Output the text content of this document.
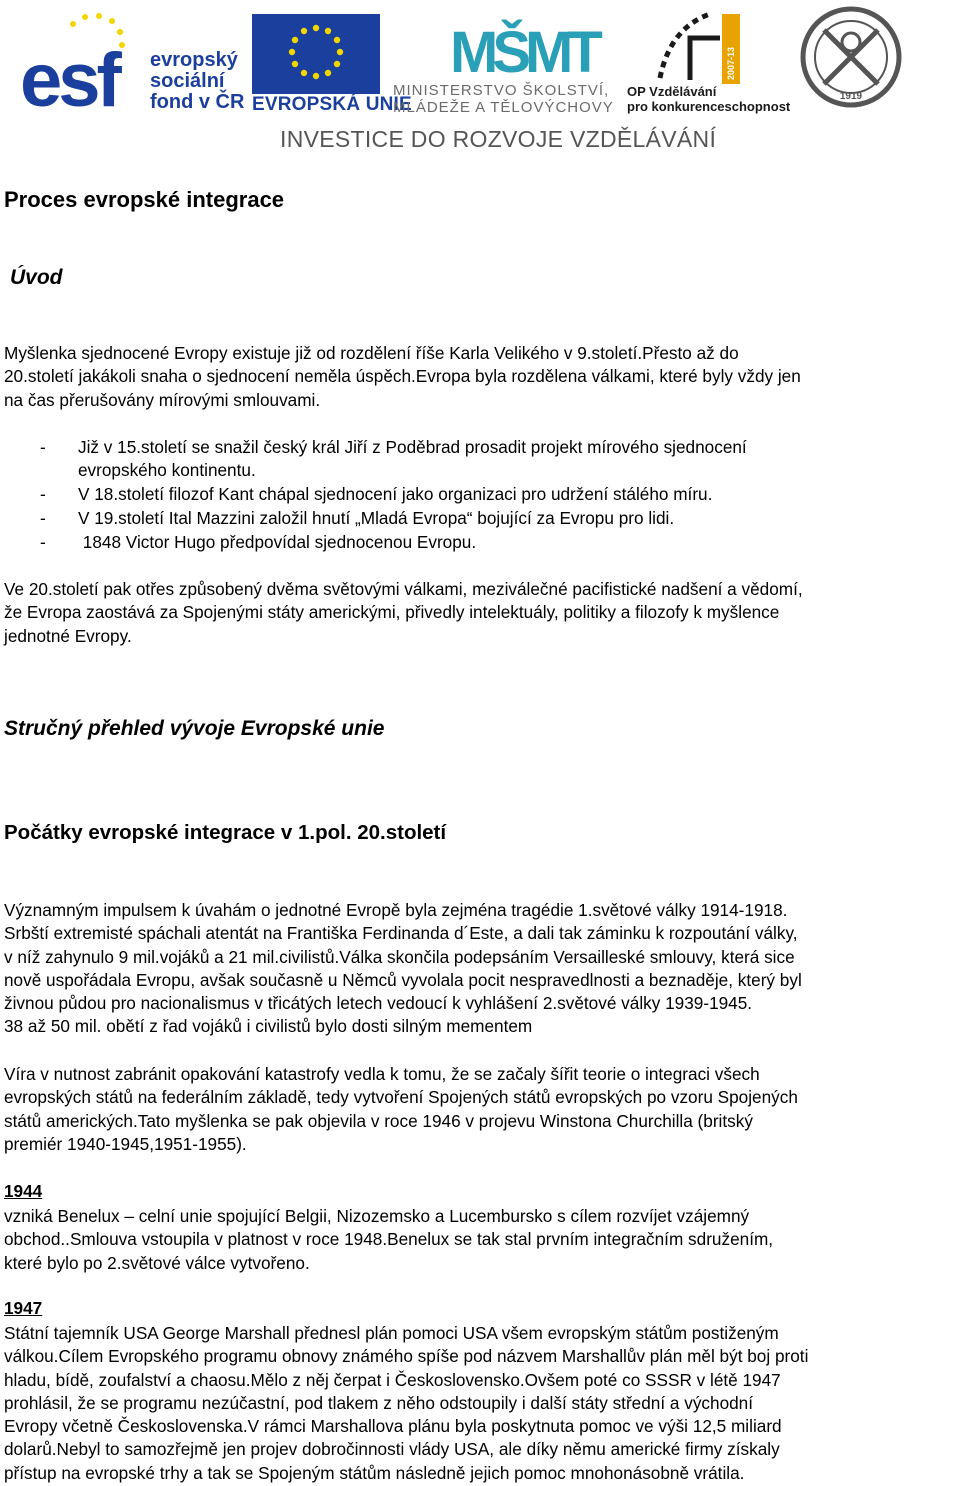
esf evropský
sociální
fond v ČR EVROPSKÁ UNIE
MŠMT
MINISTERSTVO ŠKOLSTVÍ,
MLÁDEŽE A TĚLOVÝCHOVY
2007-13
OP Vzdělávání
pro konkurenceschopnost
1919
INVESTICE DO ROZVOJE VZDĚLÁVÁNÍ
Proces evropské integrace
Úvod

Myšlenka sjednocené Evropy existuje již od rozdělení říše Karla Velikého v 9.století.Přesto až do

20.století jakákoli snaha o sjednocení neměla úspěch.Evropa byla rozdělena válkami, které byly vždy jen

na čas přerušovány mírovými smlouvami.

- Již v 15.století se snažil český král Jiří z Poděbrad prosadit projekt mírového sjednocení
evropského kontinentu.
- V 18.století filozof Kant chápal sjednocení jako organizaci pro udržení stálého míru.
- V 19.století Ital Mazzini založil hnutí „Mladá Evropa“ bojující za Evropu pro lidi.
- 1848 Victor Hugo předpovídal sjednocenou Evropu.

Ve 20.století pak otřes způsobený dvěma světovými válkami, meziválečné pacifistické nadšení a vědomí,

že Evropa zaostává za Spojenými státy americkými, přivedly intelektuály, politiky a filozofy k myšlence

jednotné Evropy.

Stručný přehled vývoje Evropské unie
Počátky evropské integrace v 1.pol. 20.století

Významným impulsem k úvahám o jednotné Evropě byla zejména tragédie 1.světové války 1914-1918.

Srbští extremisté spáchali atentát na Františka Ferdinanda d´Este, a dali tak záminku k rozpoutání války,

v níž zahynulo 9 mil.vojáků a 21 mil.civilistů.Válka skončila podepsáním Versailleské smlouvy, která sice

nově uspořádala Evropu, avšak současně u Němců vyvolala pocit nespravedlnosti a beznaděje, který byl

živnou půdou pro nacionalismus v třicátých letech vedoucí k vyhlášení 2.světové války 1939-1945.

38 až 50 mil. obětí z řad vojáků i civilistů bylo dosti silným mementem

Víra v nutnost zabránit opakování katastrofy vedla k tomu, že se začaly šířit teorie o integraci všech

evropských států na federálním základě, tedy vytvoření Spojených států evropských po vzoru Spojených

států amerických.Tato myšlenka se pak objevila v roce 1946 v projevu Winstona Churchilla (britský

premiér 1940-1945,1951-1955).

1944

vzniká Benelux – celní unie spojující Belgii, Nizozemsko a Lucembursko s cílem rozvíjet vzájemný

obchod..Smlouva vstoupila v platnost v roce 1948.Benelux se tak stal prvním integračním sdružením,

které bylo po 2.světové válce vytvořeno.

1947

Státní tajemník USA George Marshall přednesl plán pomoci USA všem evropským státům postiženým

válkou.Cílem Evropského programu obnovy známého spíše pod názvem Marshallův plán měl být boj proti

hladu, bídě, zoufalství a chaosu.Mělo z něj čerpat i Československo.Ovšem poté co SSSR v létě 1947

prohlásil, že se programu nezúčastní, pod tlakem z něho odstoupily i další státy střední a východní

Evropy včetně Československa.V rámci Marshallova plánu byla poskytnuta pomoc ve výši 12,5 miliard

dolarů.Nebyl to samozřejmě jen projev dobročinnosti vlády USA, ale díky němu americké firmy získaly

přístup na evropské trhy a tak se Spojeným státům následně jejich pomoc mnohonásobně vrátila.
